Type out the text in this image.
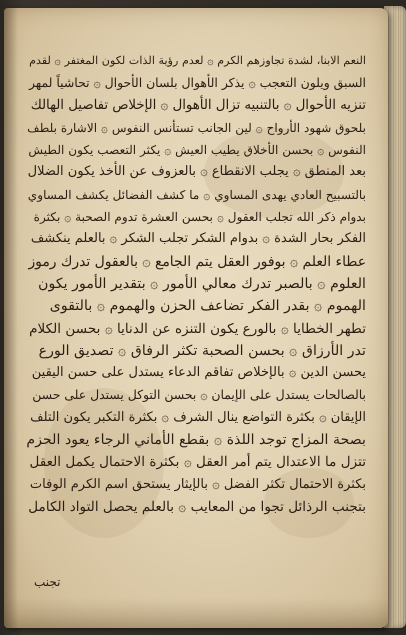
النعم الابنا، لشدة تجاوزهم الكرم ۞ لعدم رؤية الذات لكون المغتفر ۞ لقدم
السبق ويلون التعجب ۞ يذكر الأهوال بلسان الأحوال ۞ تحاشياً لمهر
تنزيه الأحوال ۞ بالتنبيه تزال الأهوال ۞ الإخلاص تفاصيل الهالك
بلحوق شهود الأرواح ۞ لين الجانب تستأنس النفوس ۞ الاشارة بلطف
النفوس ۞ بحسن الأخلاق يطيب العيش ۞ يكثر التعصب يكون الطيش
بعد المنطق ۞ يجلب الانقطاع ۞ بالعزوف عن الأخذ يكون الضلال
بالتسبيح العادي يهدى المساوي ۞ ما كشف الفضائل يكشف المساوي
بدوام ذكر الله تجلب العقول ۞ بحسن العشرة تدوم الصحبة ۞ بكثرة
الفكر بحار الشدة ۞ بدوام الشكر تجلب الشكر ۞ بالعلم ينكشف
عطاء العلم ۞ بوفور العقل يتم الجامع ۞ بالعقول تدرك رموز
العلوم ۞ بالصبر تدرك معالي الأمور ۞ بتقدير الأمور يكون
الهموم ۞ بقدر الفكر تضاعف الحزن والهموم ۞ بالتقوى
تطهر الخطايا ۞ بالورع يكون التنزه عن الدنايا ۞ بحسن الكلام
تدر الأرزاق ۞ بحسن الصحبة تكثر الرفاق ۞ تصديق الورع
يحسن الدين ۞ بالإخلاص تفاقم الدعاء يستدل على حسن اليقين
بالصالحات يستدل على الإيمان ۞ بحسن التوكل يستدل على حسن
الإيقان ۞ بكثرة التواضع ينال الشرف ۞ بكثرة التكبر يكون التلف
بصحة المزاج توجد اللذة ۞ بقطع الأماني الرجاء يعود الحزم
تتزل ما الاعتدال يتم أمر العقل ۞ بكثرة الاحتمال يكمل العقل
بكثرة الاحتمال تكثر الفضل ۞ بالإيثار يستحق اسم الكرم الوفات
بتجنب الرذائل تجوا من المعايب ۞ بالعلم يحصل التواد الكامل
تجنب
